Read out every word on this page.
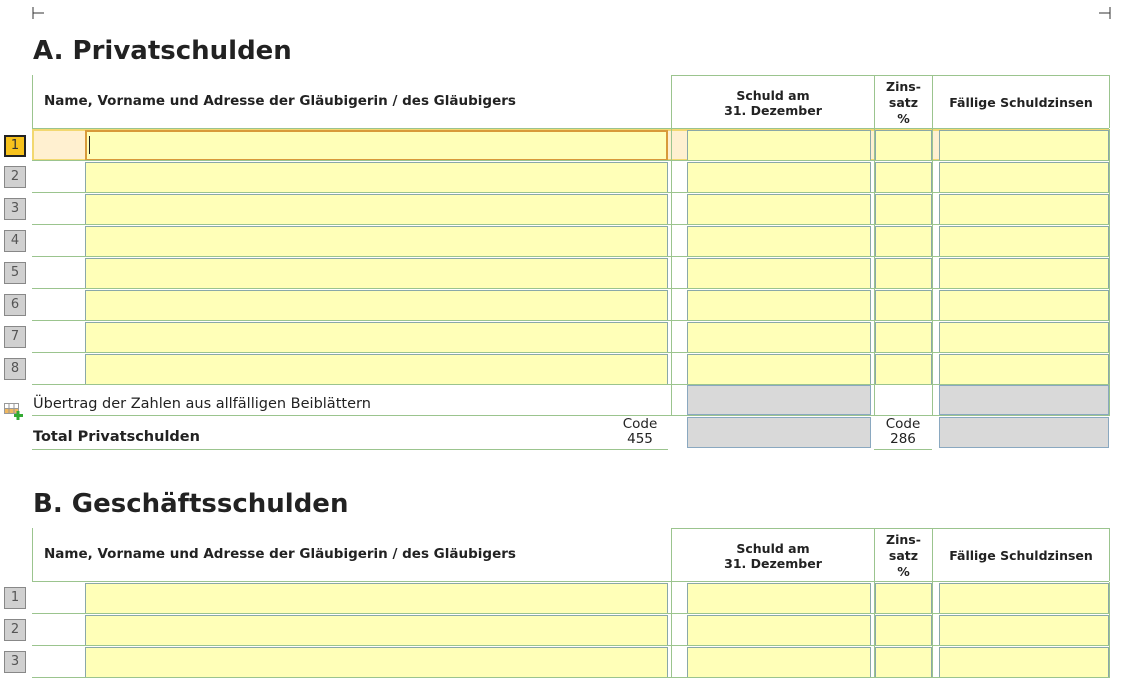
A. Privatschulden
Name, Vorname und Adresse der Gläubigerin / des Gläubigers	Schuld am
31. Dezember
Zins-
satz
%
Fällige Schuldzinsen
1
2
3
4
5
6
7
8
Übertrag der Zahlen aus allfälligen Beiblättern
Total Privatschulden
Code
455
Code
286
B. Geschäftsschulden
Name, Vorname und Adresse der Gläubigerin / des Gläubigers	Schuld am
31. Dezember
Zins-
satz
%
Fällige Schuldzinsen
1
2
3
